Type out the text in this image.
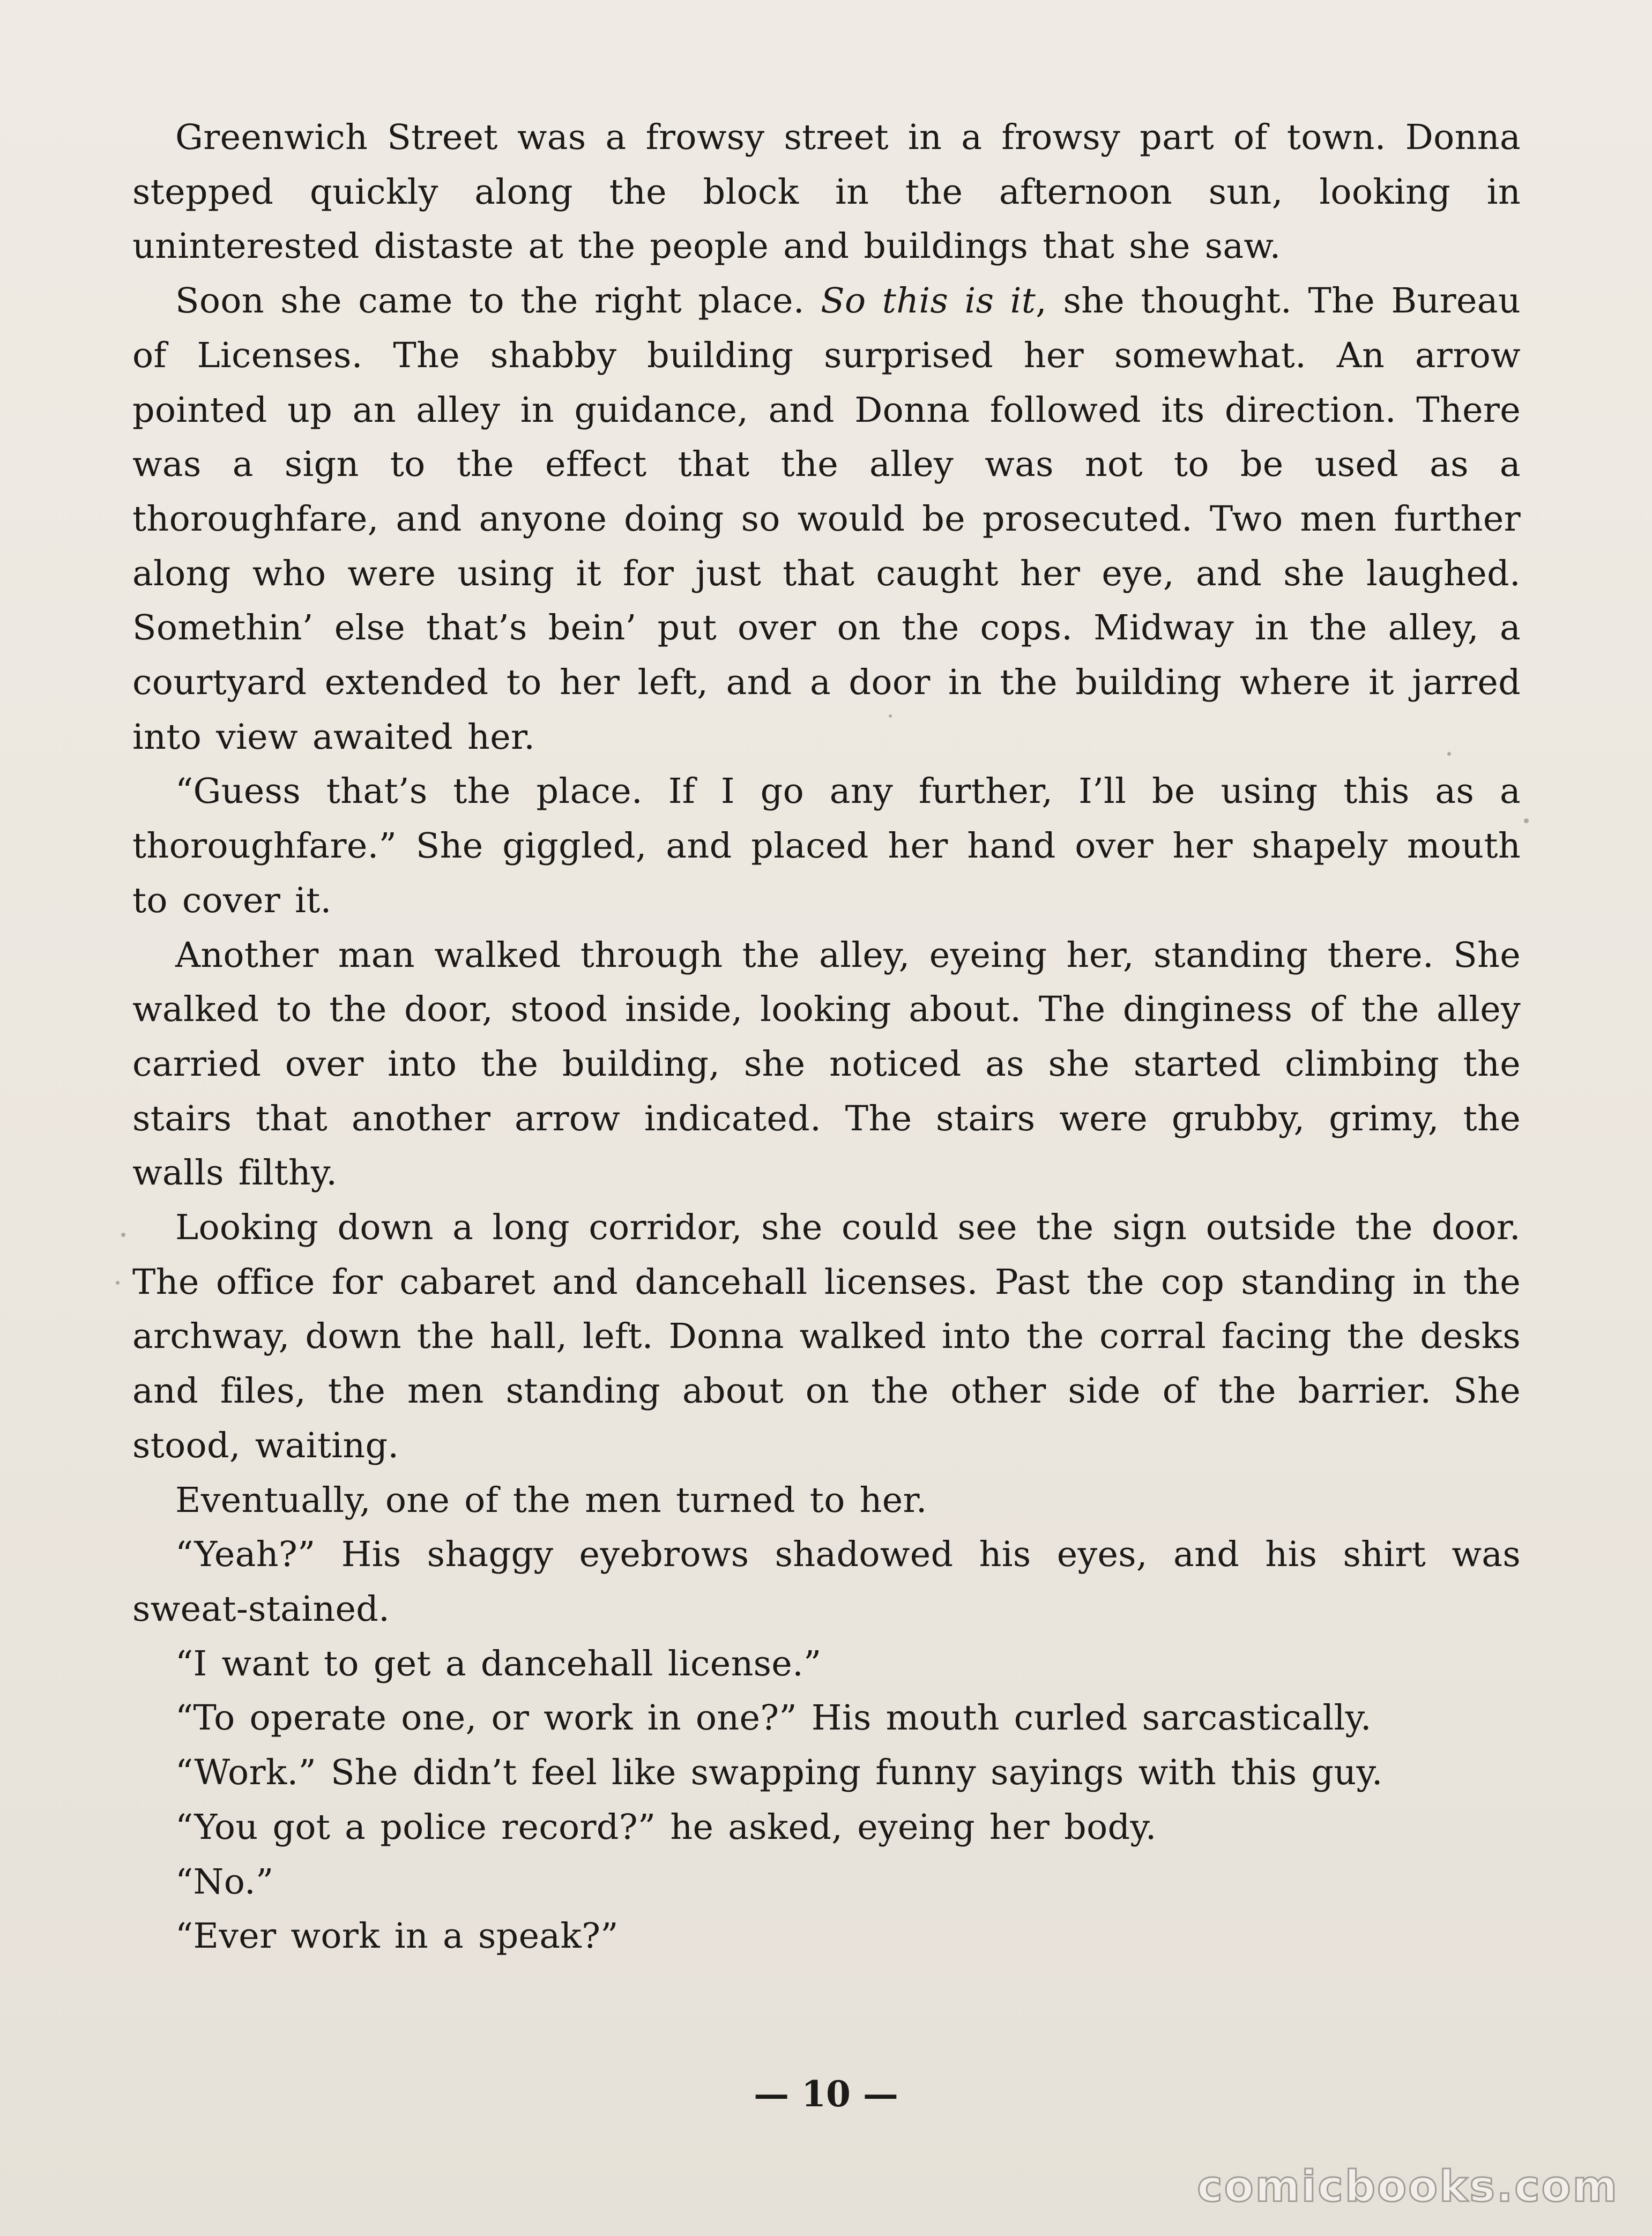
Greenwich Street was a frowsy street in a frowsy part of town. Donna stepped quickly along the block in the afternoon sun, looking in uninterested distaste at the people and buildings that she saw.

Soon she came to the right place. So this is it, she thought. The Bureau of Licenses. The shabby building surprised her somewhat. An arrow pointed up an alley in guidance, and Donna followed its direction. There was a sign to the effect that the alley was not to be used as a thoroughfare, and anyone doing so would be prosecuted. Two men further along who were using it for just that caught her eye, and she laughed. Somethin’ else that’s bein’ put over on the cops. Midway in the alley, a courtyard extended to her left, and a door in the building where it jarred into view awaited her.

“Guess that’s the place. If I go any further, I’ll be using this as a thoroughfare.” She giggled, and placed her hand over her shapely mouth to cover it.

Another man walked through the alley, eyeing her, standing there. She walked to the door, stood inside, looking about. The dinginess of the alley carried over into the building, she noticed as she started climbing the stairs that another arrow indicated. The stairs were grubby, grimy, the walls filthy.

Looking down a long corridor, she could see the sign outside the door. The office for cabaret and dancehall licenses. Past the cop standing in the archway, down the hall, left. Donna walked into the corral facing the desks and files, the men standing about on the other side of the barrier. She stood, waiting.

Eventually, one of the men turned to her.

“Yeah?” His shaggy eyebrows shadowed his eyes, and his shirt was sweat-stained.

“I want to get a dancehall license.”

“To operate one, or work in one?” His mouth curled sarcastically.

“Work.” She didn’t feel like swapping funny sayings with this guy.

“You got a police record?” he asked, eyeing her body.

“No.”

“Ever work in a speak?”

— 10 —
comicbooks.com
